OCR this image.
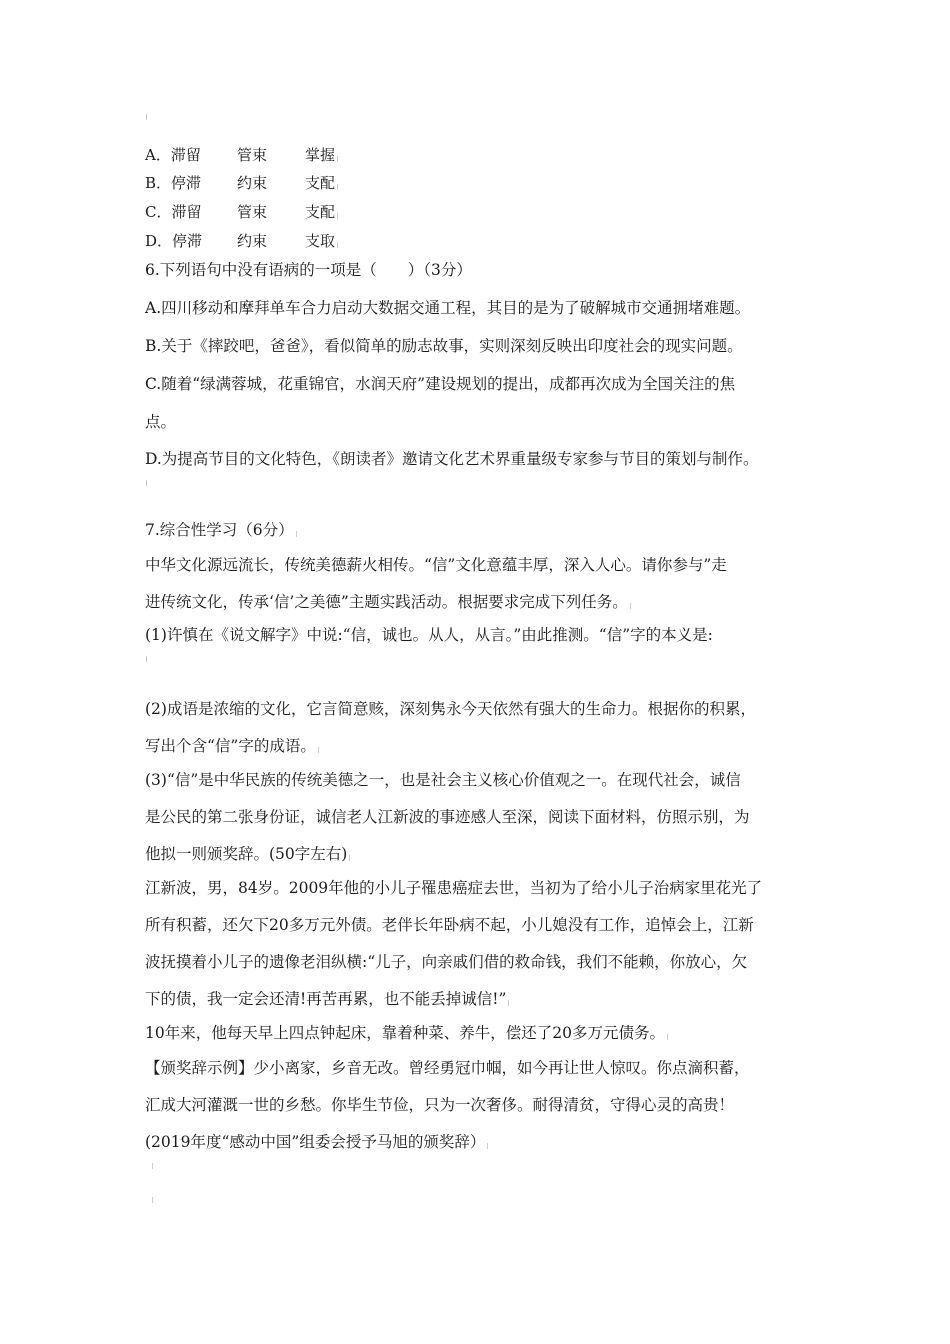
A．滞留 管束	掌握
B．停滞 约束	支配
C．滞留 管束	支配
D．停滞 约束	支取
6.下列语句中没有语病的一项是（　　）（3分）
A.四川移动和摩拜单车合力启动大数据交通工程，其目的是为了破解城市交通拥堵难题。
B.关于《摔跤吧，爸爸》，看似简单的励志故事，实则深刻反映出印度社会的现实问题。
C.随着“绿满蓉城，花重锦官，水润天府”建设规划的提出，成都再次成为全国关注的焦
点。
D.为提高节目的文化特色，《朗读者》邀请文化艺术界重量级专家参与节目的策划与制作。
7.综合性学习（6分）
中华文化源远流长，传统美德薪火相传。“信”文化意蕴丰厚，深入人心。请你参与”走
进传统文化，传承‘信’之美德”主题实践活动。根据要求完成下列任务。
(1)许慎在《说文解字》中说:“信，诚也。从人，从言。”由此推测。“信”字的本义是:
(2)成语是浓缩的文化，它言简意赅，深刻隽永今天依然有强大的生命力。根据你的积累，
写出个含“信”字的成语。
(3)“信”是中华民族的传统美德之一，也是社会主义核心价值观之一。在现代社会，诚信
是公民的第二张身份证，诚信老人江新波的事迹感人至深，阅读下面材料，仿照示别，为
他拟一则颁奖辞。(50字左右)
江新波，男，84岁。2009年他的小儿子罹患癌症去世，当初为了给小儿子治病家里花光了
所有积蓄，还欠下20多万元外债。老伴长年卧病不起，小儿媳没有工作，追悼会上，江新
波抚摸着小儿子的遗像老泪纵横:“儿子，向亲戚们借的救命钱，我们不能赖，你放心，欠
下的债，我一定会还清!再苦再累，也不能丢掉诚信!”
10年来，他每天早上四点钟起床，靠着种菜、养牛，偿还了20多万元债务。
【颁奖辞示例】少小离家，乡音无改。曾经勇冠巾帼，如今再让世人惊叹。你点滴积蓄，
汇成大河灌溉一世的乡愁。你毕生节俭，只为一次奢侈。耐得清贫，守得心灵的高贵！
(2019年度“感动中国”组委会授予马旭的颁奖辞）
